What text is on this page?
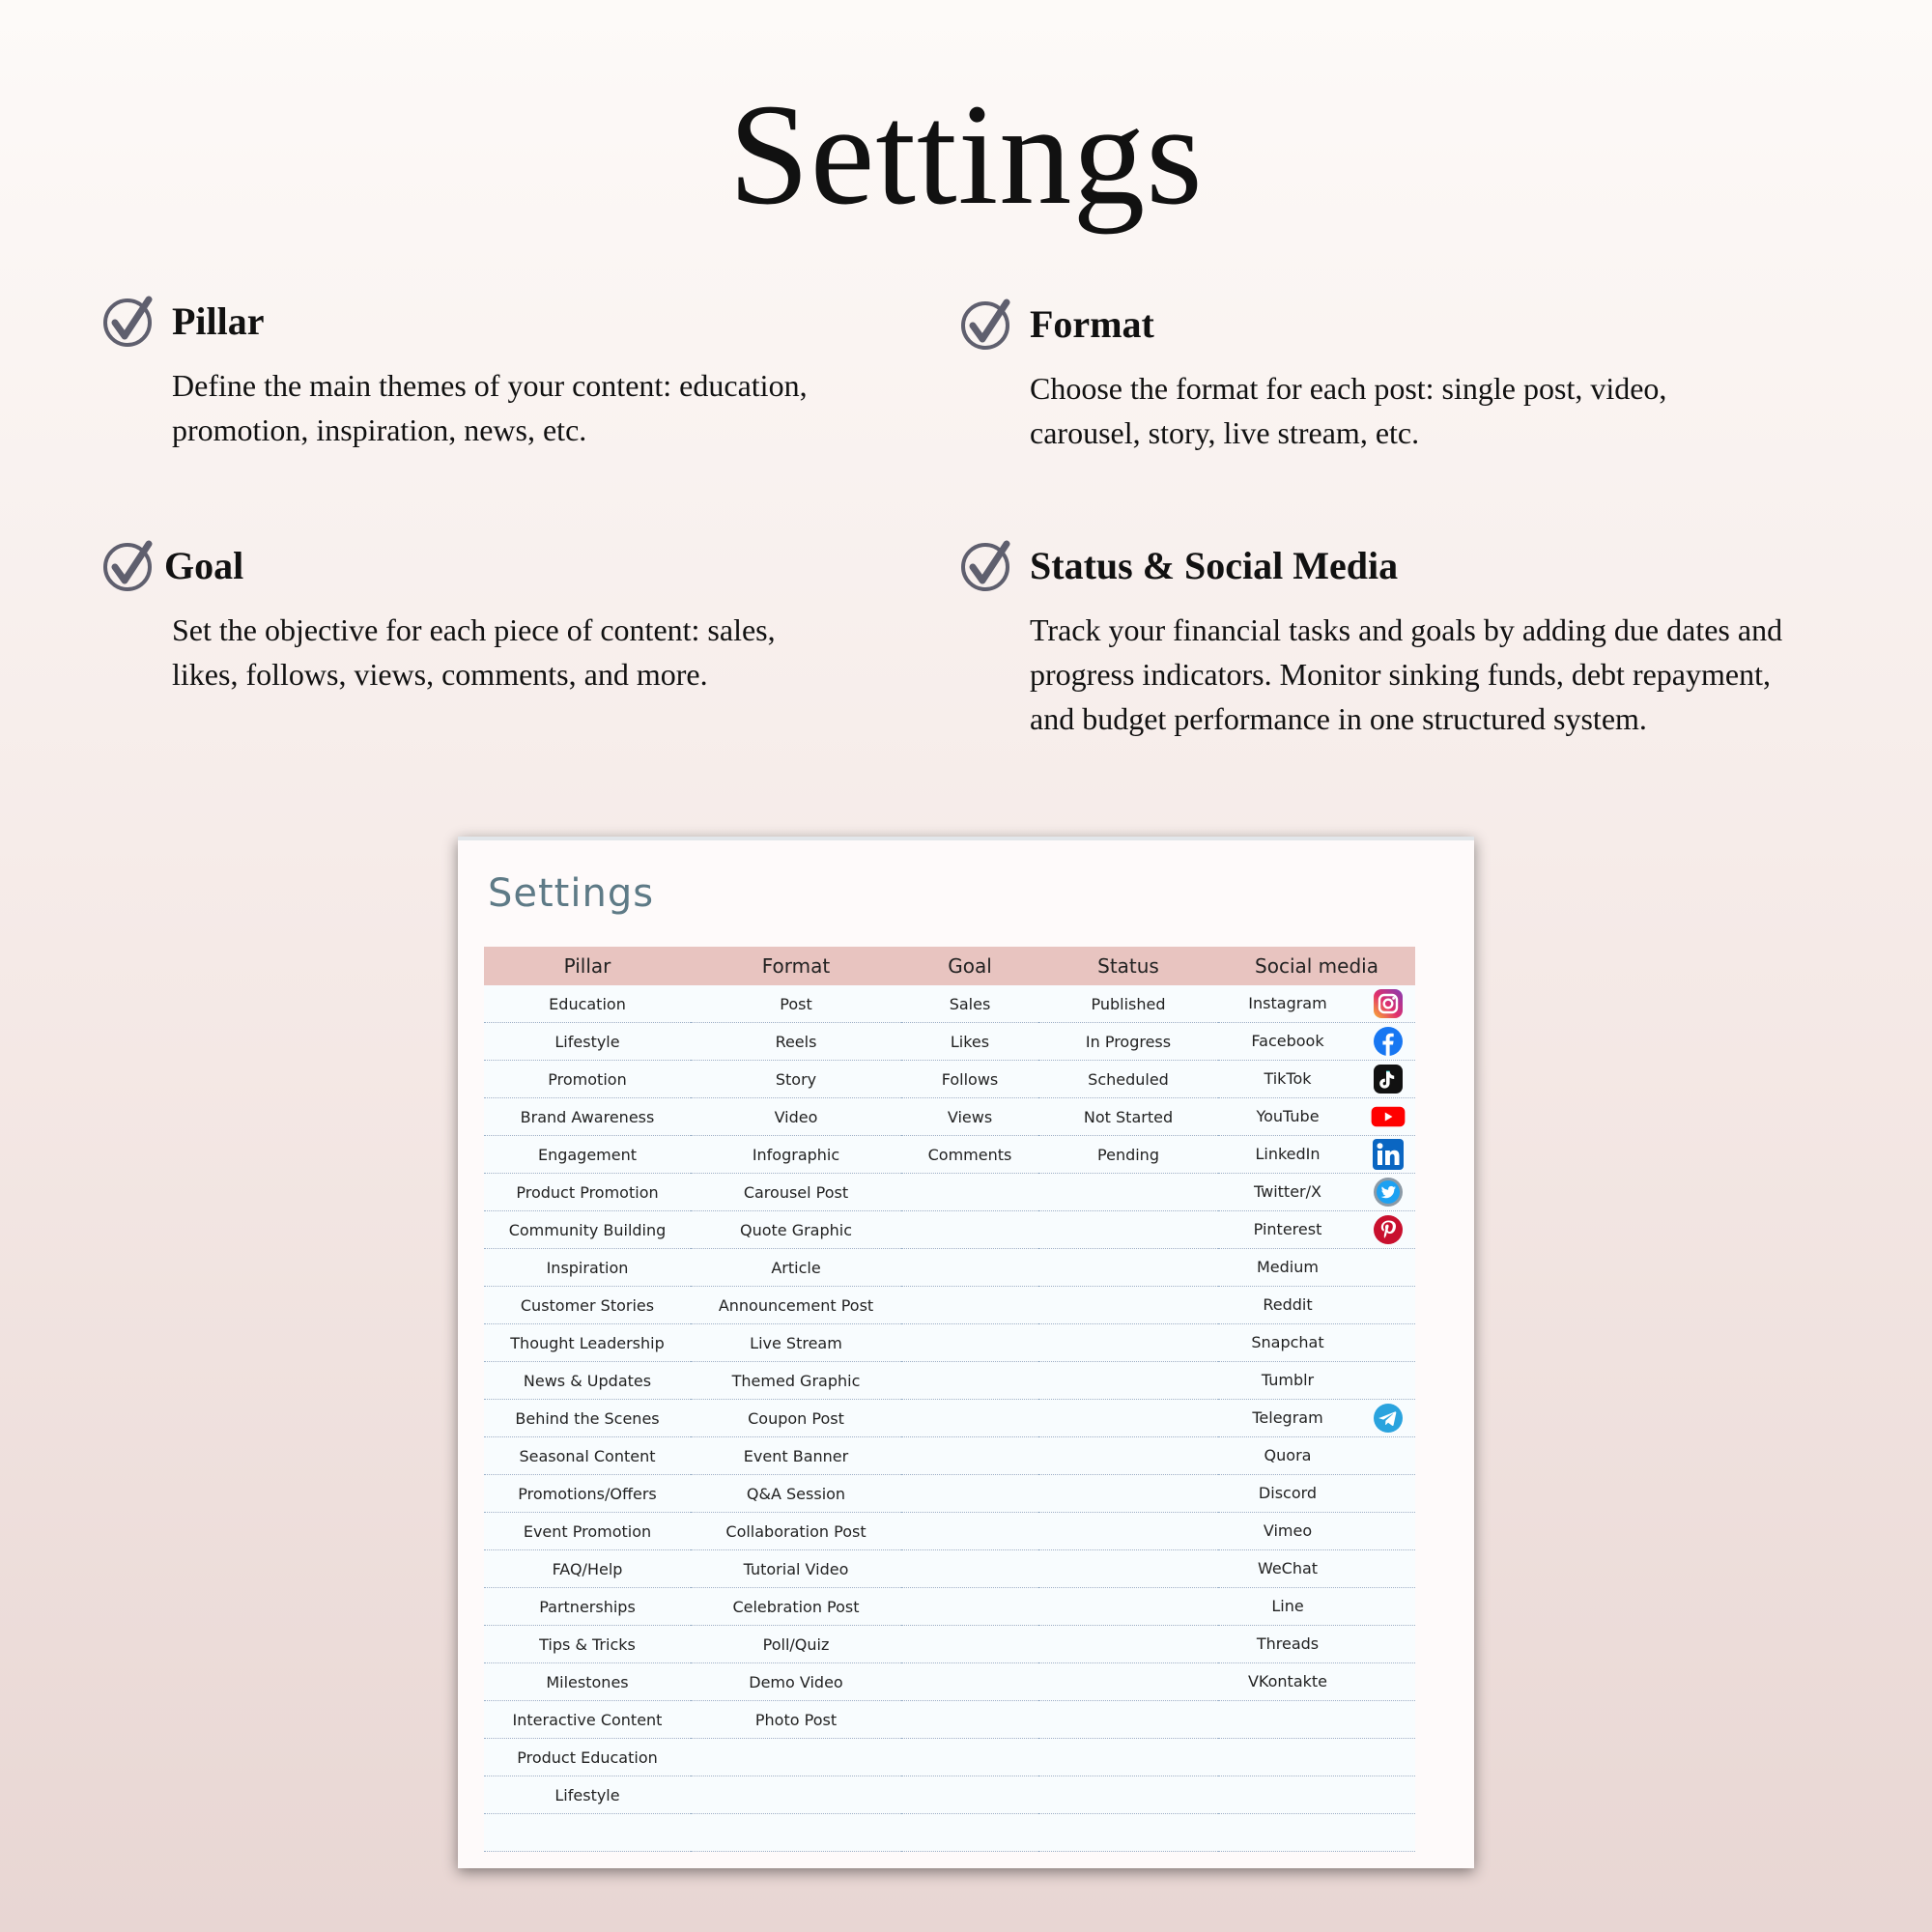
Settings
Pillar
Define the main themes of your content: education,
promotion, inspiration, news, etc.
Format
Choose the format for each post: single post, video,
carousel, story, live stream, etc.
Goal
Set the objective for each piece of content: sales,
likes, follows, views, comments, and more.
Status & Social Media
Track your financial tasks and goals by adding due dates and
progress indicators. Monitor sinking funds, debt repayment,
and budget performance in one structured system.
Settings
Pillar	Format	Goal	Status	Social media
Education	Post	Sales	Published	Instagram

Lifestyle	Reels	Likes	In Progress	Facebook

Promotion	Story	Follows	Scheduled	TikTok

Brand Awareness	Video	Views	Not Started	YouTube

Engagement	Infographic	Comments	Pending	LinkedIn

Product Promotion	Carousel Post			Twitter/X

Community Building	Quote Graphic			Pinterest

Inspiration	Article			Medium

Customer Stories	Announcement Post			Reddit

Thought Leadership	Live Stream			Snapchat

News & Updates	Themed Graphic			Tumblr

Behind the Scenes	Coupon Post			Telegram

Seasonal Content	Event Banner			Quora

Promotions/Offers	Q&A Session			Discord

Event Promotion	Collaboration Post			Vimeo

FAQ/Help	Tutorial Video			WeChat

Partnerships	Celebration Post			Line

Tips & Tricks	Poll/Quiz			Threads

Milestones	Demo Video			VKontakte

Interactive Content	Photo Post			
Product Education				
Lifestyle				
